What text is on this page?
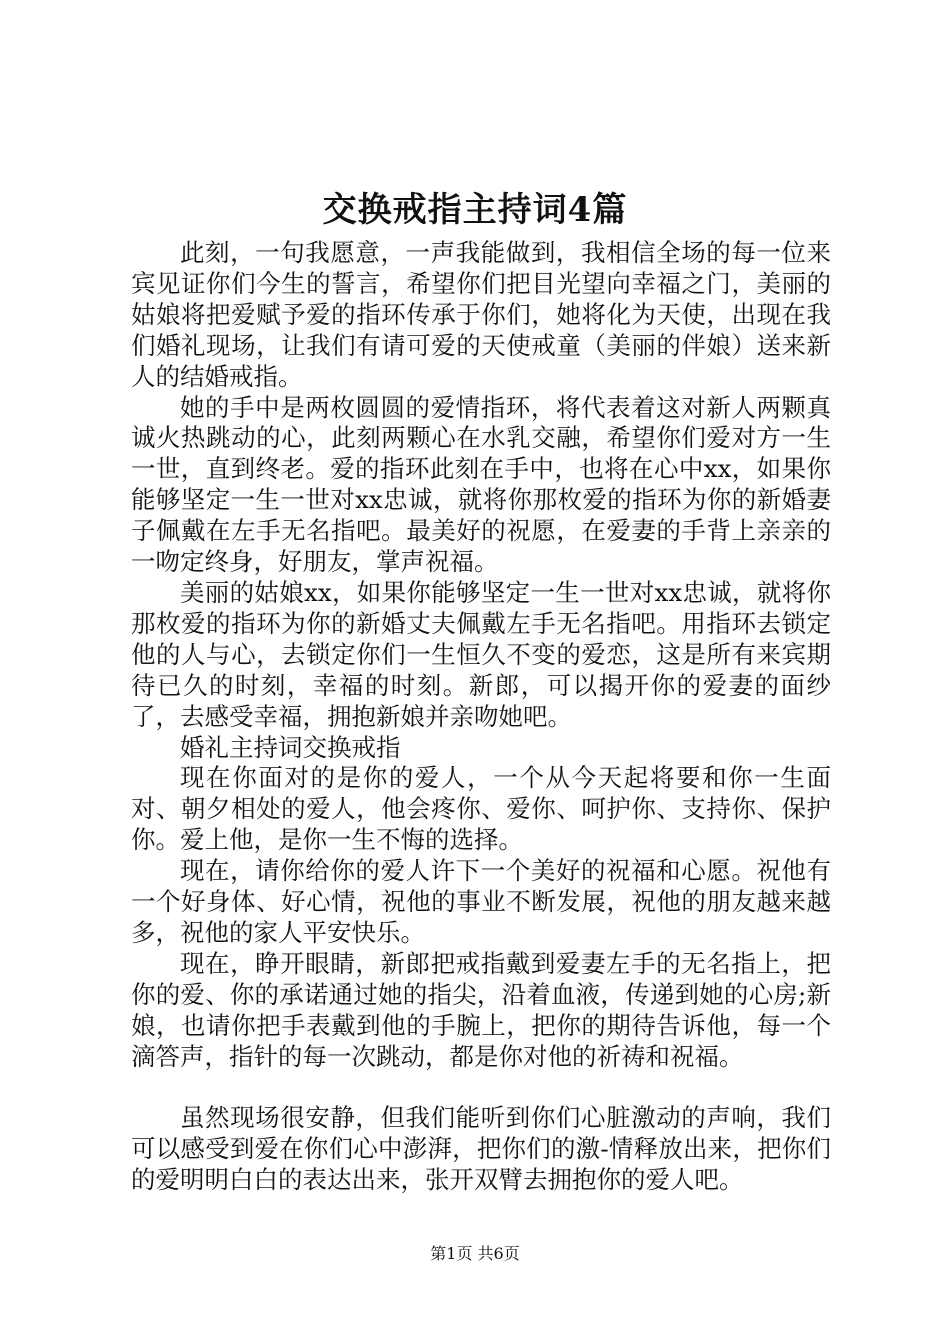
交换戒指主持词4篇

此刻，一句我愿意，一声我能做到，我相信全场的每一位来宾见证你们今生的誓言，希望你们把目光望向幸福之门，美丽的姑娘将把爱赋予爱的指环传承于你们，她将化为天使，出现在我们婚礼现场，让我们有请可爱的天使戒童（美丽的伴娘）送来新人的结婚戒指。

她的手中是两枚圆圆的爱情指环，将代表着这对新人两颗真诚火热跳动的心，此刻两颗心在水乳交融，希望你们爱对方一生一世，直到终老。爱的指环此刻在手中，也将在心中xx，如果你能够坚定一生一世对xx忠诚，就将你那枚爱的指环为你的新婚妻子佩戴在左手无名指吧。最美好的祝愿，在爱妻的手背上亲亲的一吻定终身，好朋友，掌声祝福。

美丽的姑娘xx，如果你能够坚定一生一世对xx忠诚，就将你那枚爱的指环为你的新婚丈夫佩戴左手无名指吧。用指环去锁定他的人与心，去锁定你们一生恒久不变的爱恋，这是所有来宾期待已久的时刻，幸福的时刻。新郎，可以揭开你的爱妻的面纱了，去感受幸福，拥抱新娘并亲吻她吧。

婚礼主持词交换戒指

现在你面对的是你的爱人，一个从今天起将要和你一生面对、朝夕相处的爱人，他会疼你、爱你、呵护你、支持你、保护你。爱上他，是你一生不悔的选择。

现在，请你给你的爱人许下一个美好的祝福和心愿。祝他有一个好身体、好心情，祝他的事业不断发展，祝他的朋友越来越多，祝他的家人平安快乐。

现在，睁开眼睛，新郎把戒指戴到爱妻左手的无名指上，把你的爱、你的承诺通过她的指尖，沿着血液，传递到她的心房;新娘，也请你把手表戴到他的手腕上，把你的期待告诉他，每一个滴答声，指针的每一次跳动，都是你对他的祈祷和祝福。

虽然现场很安静，但我们能听到你们心脏激动的声响，我们可以感受到爱在你们心中澎湃，把你们的激-情释放出来，把你们的爱明明白白的表达出来，张开双臂去拥抱你的爱人吧。

第1页 共6页
